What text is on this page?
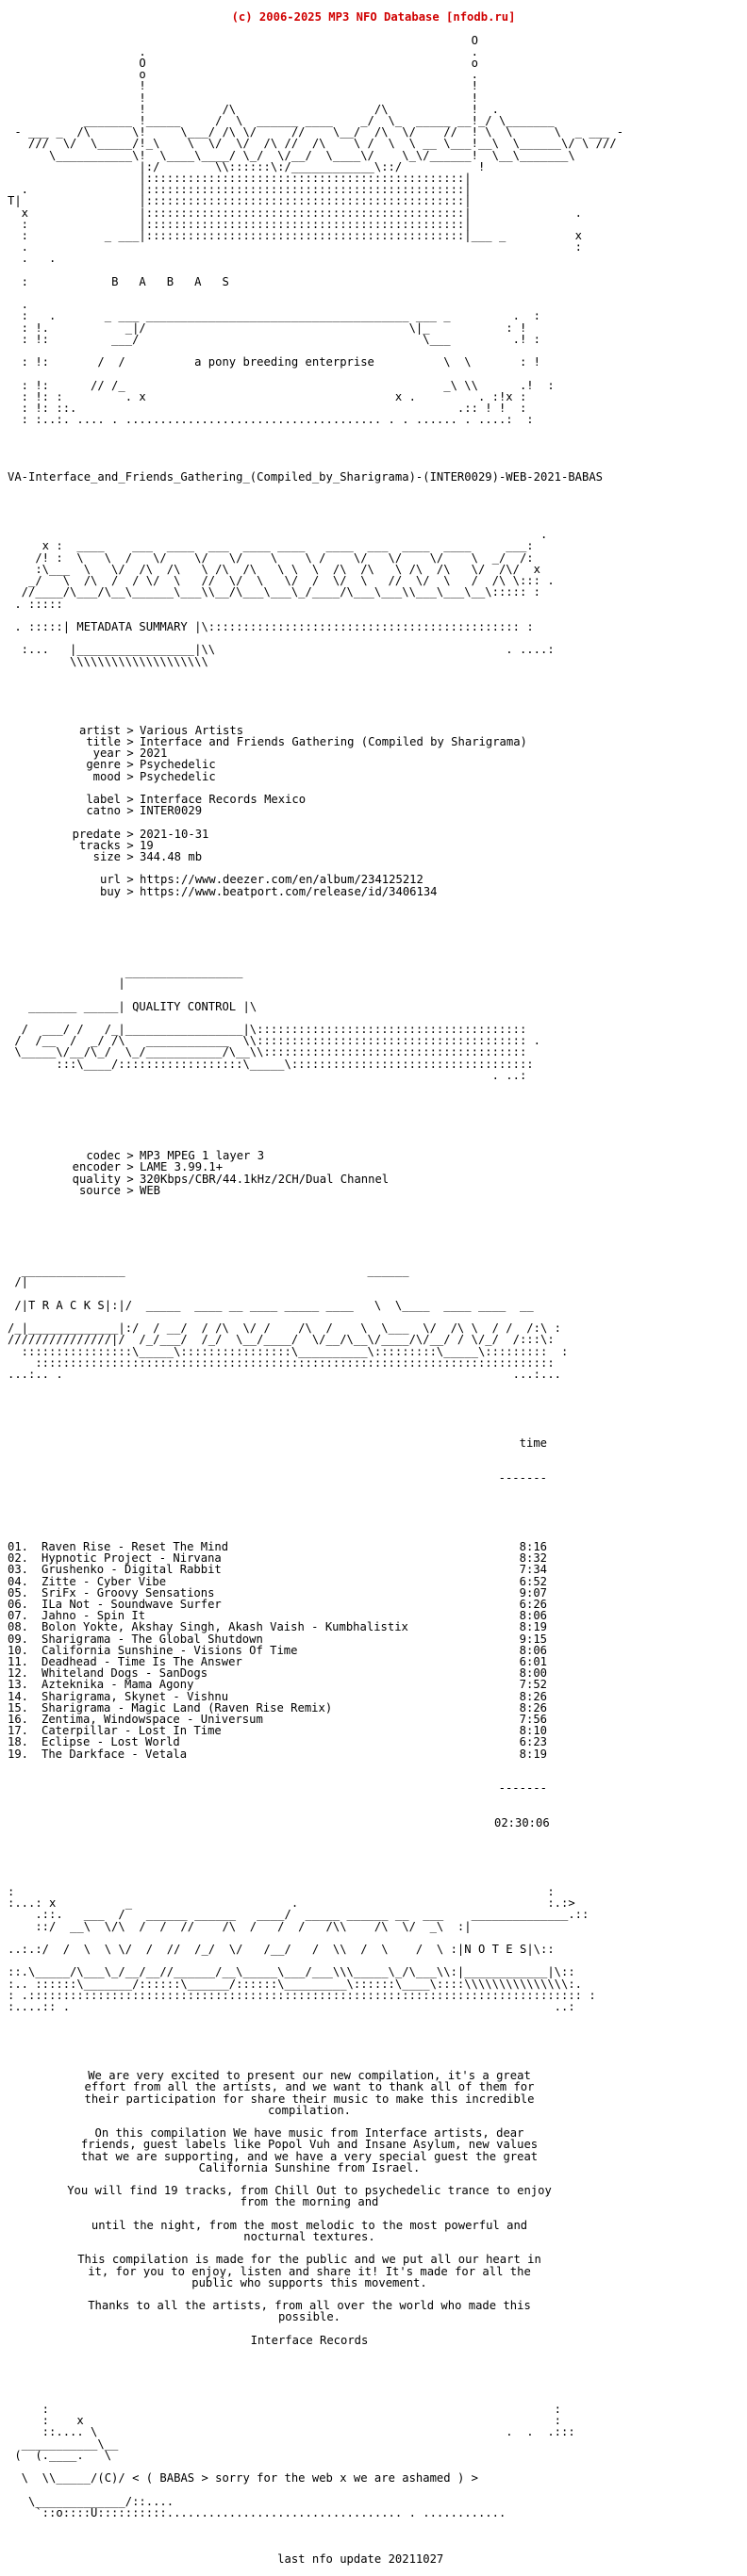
(c) 2006-2025 MP3 NFO Database [nfodb.ru]

O
.                                               .
O                                               o
o                                               .
!                                               !
!                                               !
!           /\                    /\            !  .
_______ !_____     /  \  ______ ____    _/  \_  _____ __!_/ \_______
- ___ _  /\      \!     \___/ /\ \/     //    \__/  /\  \/    //  ! \  \      \  _ ___ -
///  \/  \_____/!_\    \  \/  \/  /\ //  /\    \ /  \  \ __ \___!__\  \______\/ \ ///
\___________\!  \____\____/ \_/  \/__/  \____\/    \_\/______!  \__\_______\
|:/        \\::::::\:/____________\::/           !
|::::::::::::::::::::::::::::::::::::::::::::::|
.                |::::::::::::::::::::::::::::::::::::::::::::::|
T|                 |::::::::::::::::::::::::::::::::::::::::::::::|
x                |::::::::::::::::::::::::::::::::::::::::::::::|               .
:                |::::::::::::::::::::::::::::::::::::::::::::::|
:           _ ___|::::::::::::::::::::::::::::::::::::::::::::::|___ _          x
.                                                                               :
.   .

:            B   A   B   A   S

.
:   .       _ ___ ______________________________________ ___ _         .  :
: !.           _|/                                      \|_           : !
: !:         ___/                                         \___         .! :

: !:       /  /          a pony breeding enterprise          \  \       : !

: !:      // /_                                              _\ \\      .!  :
: !: :         . x                                    x .         . :!x :
: !: ::.                                                       .:: ! !  :
: :..:. .... . ..................................... . . ...... . ....:  :

VA-Interface_and_Friends_Gathering_(Compiled_by_Sharigrama)-(INTER0029)-WEB-2021-BABAS

.
x :  ____    ___  ____  ___  ____ ____   ____  ___  ____  ____     ___:
/! :  \   \  /   \/    \/   \/    \    \ /    \/   \/    \/    \  _/  /:
:\___  \   \/  /\  /\   \ /\  /\   \ \  \  /\  /\   \ /\  /\   \/  /\/  x
_/   \  /\  /  / \/  \   //  \/  \   \/  /  \/  \   //  \/  \   /  /\ \::: .
//____/\___/\__\______\___\\__/\___\___\_/____/\___\___\\___\___\__\::::: :
. :::::

. :::::| METADATA SUMMARY |\::::::::::::::::::::::::::::::::::::::::::::: :

:...   |_________________|\\                                          . ....:
\\\\\\\\\\\\\\\\\\\\

artist > Various Artists
title > Interface and Friends Gathering (Compiled by Sharigrama)
year > 2021
genre > Psychedelic
mood > Psychedelic
label > Interface Records Mexico
catno > INTER0029
predate > 2021-10-31
tracks > 19
size > 344.48 mb
url > https://www.deezer.com/en/album/234125212
buy > https://www.beatport.com/release/id/3406134

_________________
|

_______ _____| QUALITY CONTROL |\

/  ___/ /   /_|_________________|\:::::::::::::::::::::::::::::::::::::::
/  /__  /  _/ /\   ____________  \\::::::::::::::::::::::::::::::::::::::: .
\_____\/__/\_/  \_/___________/\__\\::::::::::::::::::::::::::::::::::::::
:::\____/::::::::::::::::::\_____\:::::::::::::::::::::::::::::::::::
. ..:

codec > MP3 MPEG 1 layer 3
encoder > LAME 3.99.1+
quality > 320Kbps/CBR/44.1kHz/2CH/Dual Channel
source > WEB

_______________                                   ______
/|

/|T R A C K S|:|/  _____  ____ __ ____ _____ ____   \  \____  ____ ____  __

/_|_____________|:/  / __/  / /\  \/ /    /\  /    \  \___  \/  /\ \  / /  /:\ :
///////////////|/  /_/___/  /_/  \__/____/  \/__/\__\/____/\/__/ / \/_/  /:::\:
::::::::::::::::\_____\::::::::::::::::\__________\:::::::::\_____\:::::::::  :
:::::::::::::::::::::::::::::::::::::::::::::::::::::::::::::::::::::::::::
...:.. .                                                                 ...:...

time

-------

01. Raven Rise - Reset The Mind	8:16
02. Hypnotic Project - Nirvana	8:32
03. Grushenko - Digital Rabbit	7:34
04. Zitte - Cyber Vibe	6:52
05. SriFx - Groovy Sensations	9:07
06. ILa Not - Soundwave Surfer	6:26
07. Jahno - Spin It	8:06
08. Bolon Yokte, Akshay Singh, Akash Vaish - Kumbhalistix	8:19
09. Sharigrama - The Global Shutdown	9:15
10. California Sunshine - Visions Of Time	8:06
11. Deadhead - Time Is The Answer	6:01
12. Whiteland Dogs - SanDogs	8:00
13. Azteknika - Mama Agony	7:52
14. Sharigrama, Skynet - Vishnu	8:26
15. Sharigrama - Magic Land (Raven Rise Remix)	8:26
16. Zentima, Windowspace - Universum	7:56
17. Caterpillar - Lost In Time	8:10
18. Eclipse - Lost World	6:23
19. The Darkface - Vetala	8:19

-------

02:30:06

:                                                                             :
:...: x          _                       .                                    :.:>
.::.   ___  /   ______ ______   ____/  _____ ______ __  ___    ______________.::
::/  __\  \/\  /  /  //    /\  /   /  /   /\\    /\  \/  _\  :|

..:.:/  /  \  \ \/  /  //  /_/  \/   /__/   /  \\  /  \    /  \ :|N O T E S|\::

::.\_____/\___\_/__/__//______/__\_____\___/___\\\_____\_/\___\\:|____________|\::
:.. ::::::\_______/::::::\______/::::::\_________\::::::\____\::::\\\\\\\\\\\\\\\:.
: .:::::::::::::::::::::::::::::::::::::::::::::::::::::::::::::::::::::::::::::::: :
:....:: .                                                                      ..:

We are very excited to present our new compilation, it's a great
effort from all the artists, and we want to thank all of them for
their participation for share their music to make this incredible
compilation.
On this compilation We have music from Interface artists, dear
friends, guest labels like Popol Vuh and Insane Asylum, new values
that we are supporting, and we have a very special guest the great
California Sunshine from Israel.
You will find 19 tracks, from Chill Out to psychedelic trance to enjoy
from the morning and
until the night, from the most melodic to the most powerful and
nocturnal textures.
This compilation is made for the public and we put all our heart in
it, for you to enjoy, listen and share it! It's made for all the
public who supports this movement.
Thanks to all the artists, from all over the world who made this
possible.
Interface Records

:                                                                         :
:    x                                                                    :
::.... \                                                           .  .  .:::
___________\__
(  (.____.   \

\  \\_____/(C)/ < ( BABAS > sorry for the web x we are ashamed ) >

\_____________/::....
`::o::::U::::::::::.................................. . ............

last nfo update 20211027
